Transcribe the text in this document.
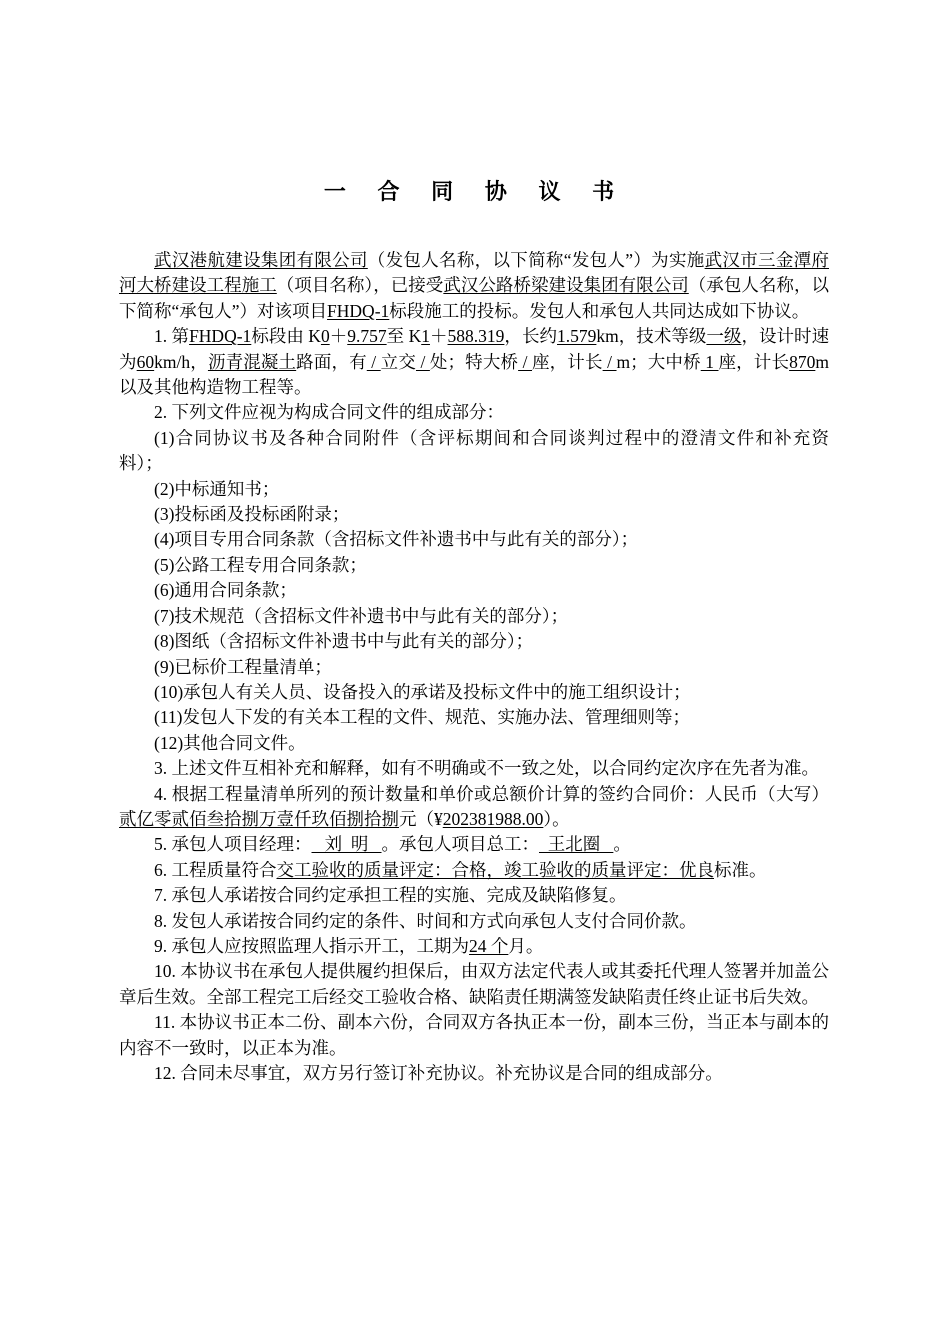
一 合 同 协 议 书

武汉港航建设集团有限公司（发包人名称，以下简称“发包人”）为实施武汉市三金潭府河大桥建设工程施工（项目名称），已接受武汉公路桥梁建设集团有限公司（承包人名称，以下简称“承包人”）对该项目FHDQ-1标段施工的投标。发包人和承包人共同达成如下协议。

1. 第FHDQ-1标段由 K0＋9.757至 K1＋588.319，长约1.579km，技术等级一级，设计时速为60km/h，沥青混凝土路面，有 / 立交 / 处；特大桥 / 座，计长 / m；大中桥 1 座，计长870m 以及其他构造物工程等。

2. 下列文件应视为构成合同文件的组成部分：

(1)合同协议书及各种合同附件（含评标期间和合同谈判过程中的澄清文件和补充资料）；

(2)中标通知书；

(3)投标函及投标函附录；

(4)项目专用合同条款（含招标文件补遗书中与此有关的部分）；

(5)公路工程专用合同条款；

(6)通用合同条款；

(7)技术规范（含招标文件补遗书中与此有关的部分）；

(8)图纸（含招标文件补遗书中与此有关的部分）；

(9)已标价工程量清单；

(10)承包人有关人员、设备投入的承诺及投标文件中的施工组织设计；

(11)发包人下发的有关本工程的文件、规范、实施办法、管理细则等；

(12)其他合同文件。

3. 上述文件互相补充和解释，如有不明确或不一致之处，以合同约定次序在先者为准。

4. 根据工程量清单所列的预计数量和单价或总额价计算的签约合同价：人民币（大写）贰亿零贰佰叁拾捌万壹仟玖佰捌拾捌元（¥202381988.00）。

5. 承包人项目经理：   刘  明   。承包人项目总工：  王北圈   。

6. 工程质量符合交工验收的质量评定：合格，竣工验收的质量评定：优良标准。

7. 承包人承诺按合同约定承担工程的实施、完成及缺陷修复。

8. 发包人承诺按合同约定的条件、时间和方式向承包人支付合同价款。

9. 承包人应按照监理人指示开工，工期为24 个月。

10. 本协议书在承包人提供履约担保后，由双方法定代表人或其委托代理人签署并加盖公章后生效。全部工程完工后经交工验收合格、缺陷责任期满签发缺陷责任终止证书后失效。

11. 本协议书正本二份、副本六份，合同双方各执正本一份，副本三份，当正本与副本的内容不一致时，以正本为准。

12. 合同未尽事宜，双方另行签订补充协议。补充协议是合同的组成部分。
